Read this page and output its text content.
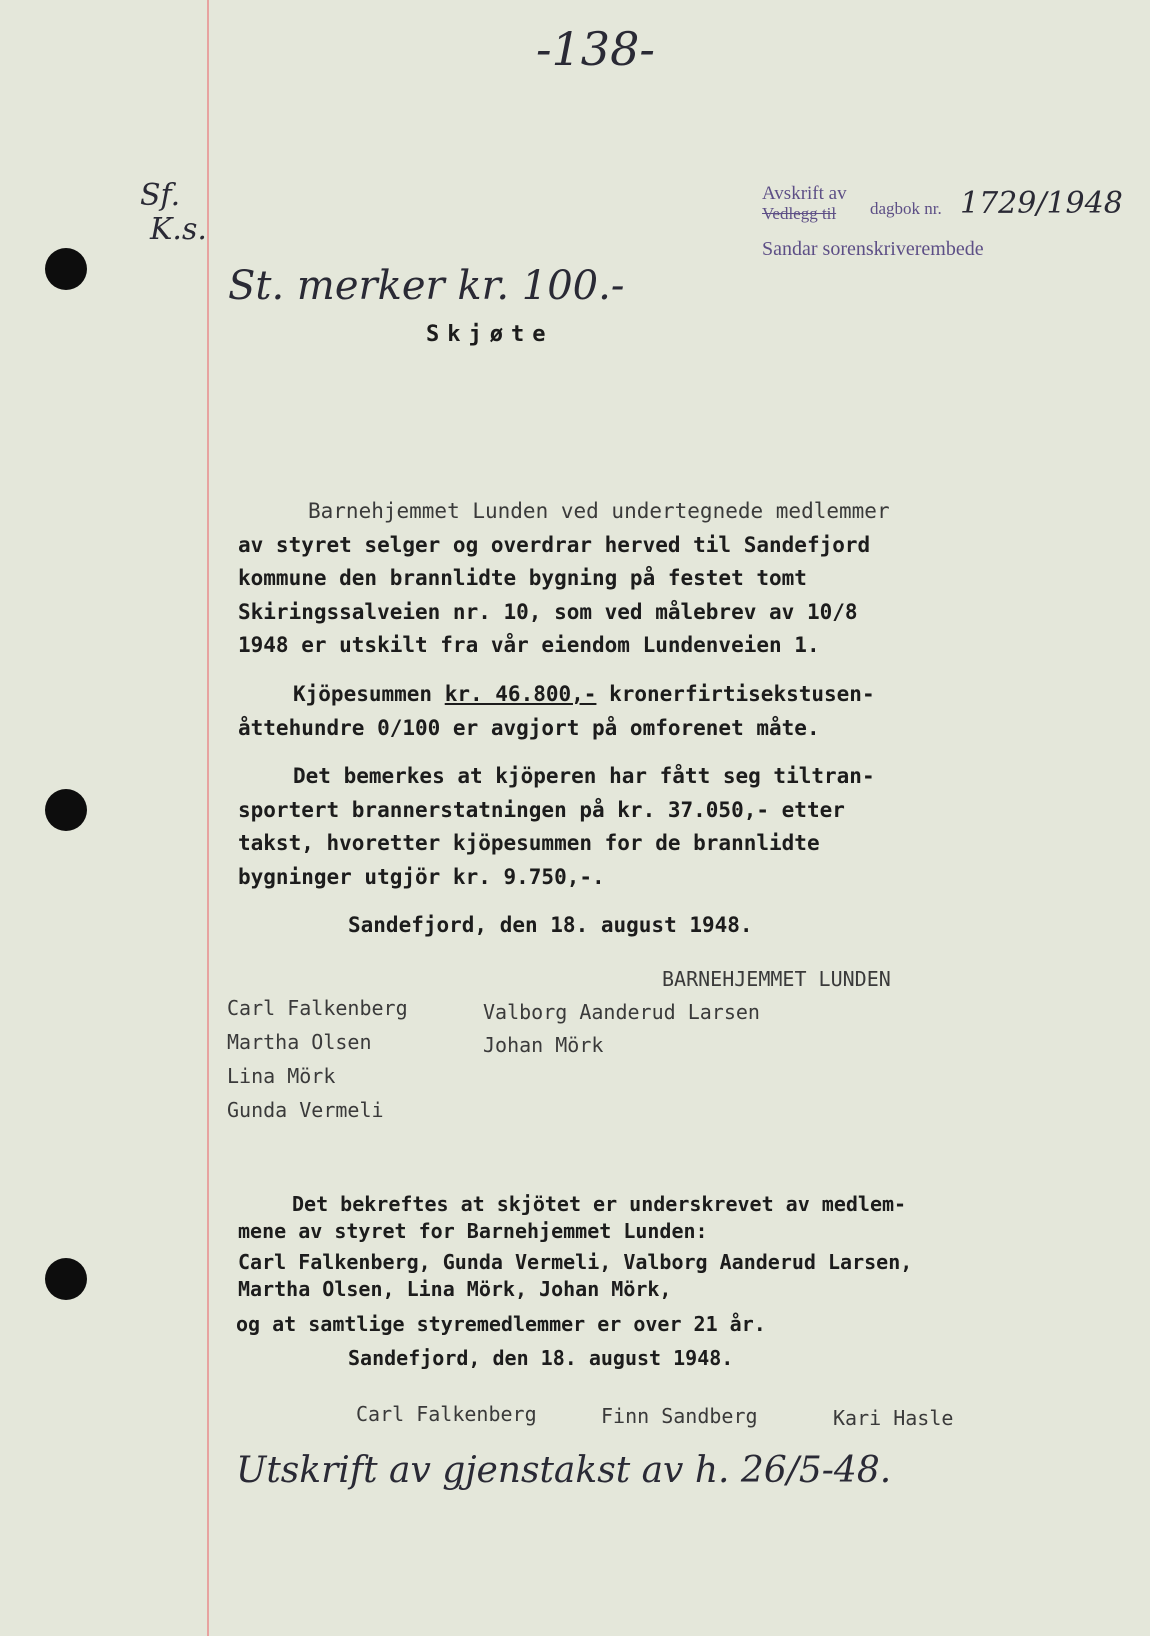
-138-
Sf.
K.s.
Avskrift av
Vedlegg til dagbok nr. 1729/1948
Sandar sorenskriverembede
St. merker kr. 100.-
Skjøte
Barnehjemmet Lunden ved undertegnede medlemmer
av styret selger og overdrar herved til Sandefjord
kommune den brannlidte bygning på festet tomt
Skiringssalveien nr. 10, som ved målebrev av 10/8
1948 er utskilt fra vår eiendom Lundenveien 1.
Kjöpesummen kr. 46.800,- kronerfirtisekstusen-
åttehundre 0/100 er avgjort på omforenet måte.
Det bemerkes at kjöperen har fått seg tiltran-
sportert brannerstatningen på kr. 37.050,- etter
takst, hvoretter kjöpesummen for de brannlidte
bygninger utgjör kr. 9.750,-.
Sandefjord, den 18. august 1948.
BARNEHJEMMET LUNDEN
Carl Falkenberg
Martha Olsen
Lina Mörk
Gunda Vermeli
Valborg Aanderud Larsen
Johan Mörk
Det bekreftes at skjötet er underskrevet av medlem-
mene av styret for Barnehjemmet Lunden:
Carl Falkenberg, Gunda Vermeli, Valborg Aanderud Larsen,
Martha Olsen, Lina Mörk, Johan Mörk,
og at samtlige styremedlemmer er over 21 år.
Sandefjord, den 18. august 1948.
Carl Falkenberg	Finn Sandberg	Kari Hasle
Utskrift av gjenstakst av h. 26/5-48.
